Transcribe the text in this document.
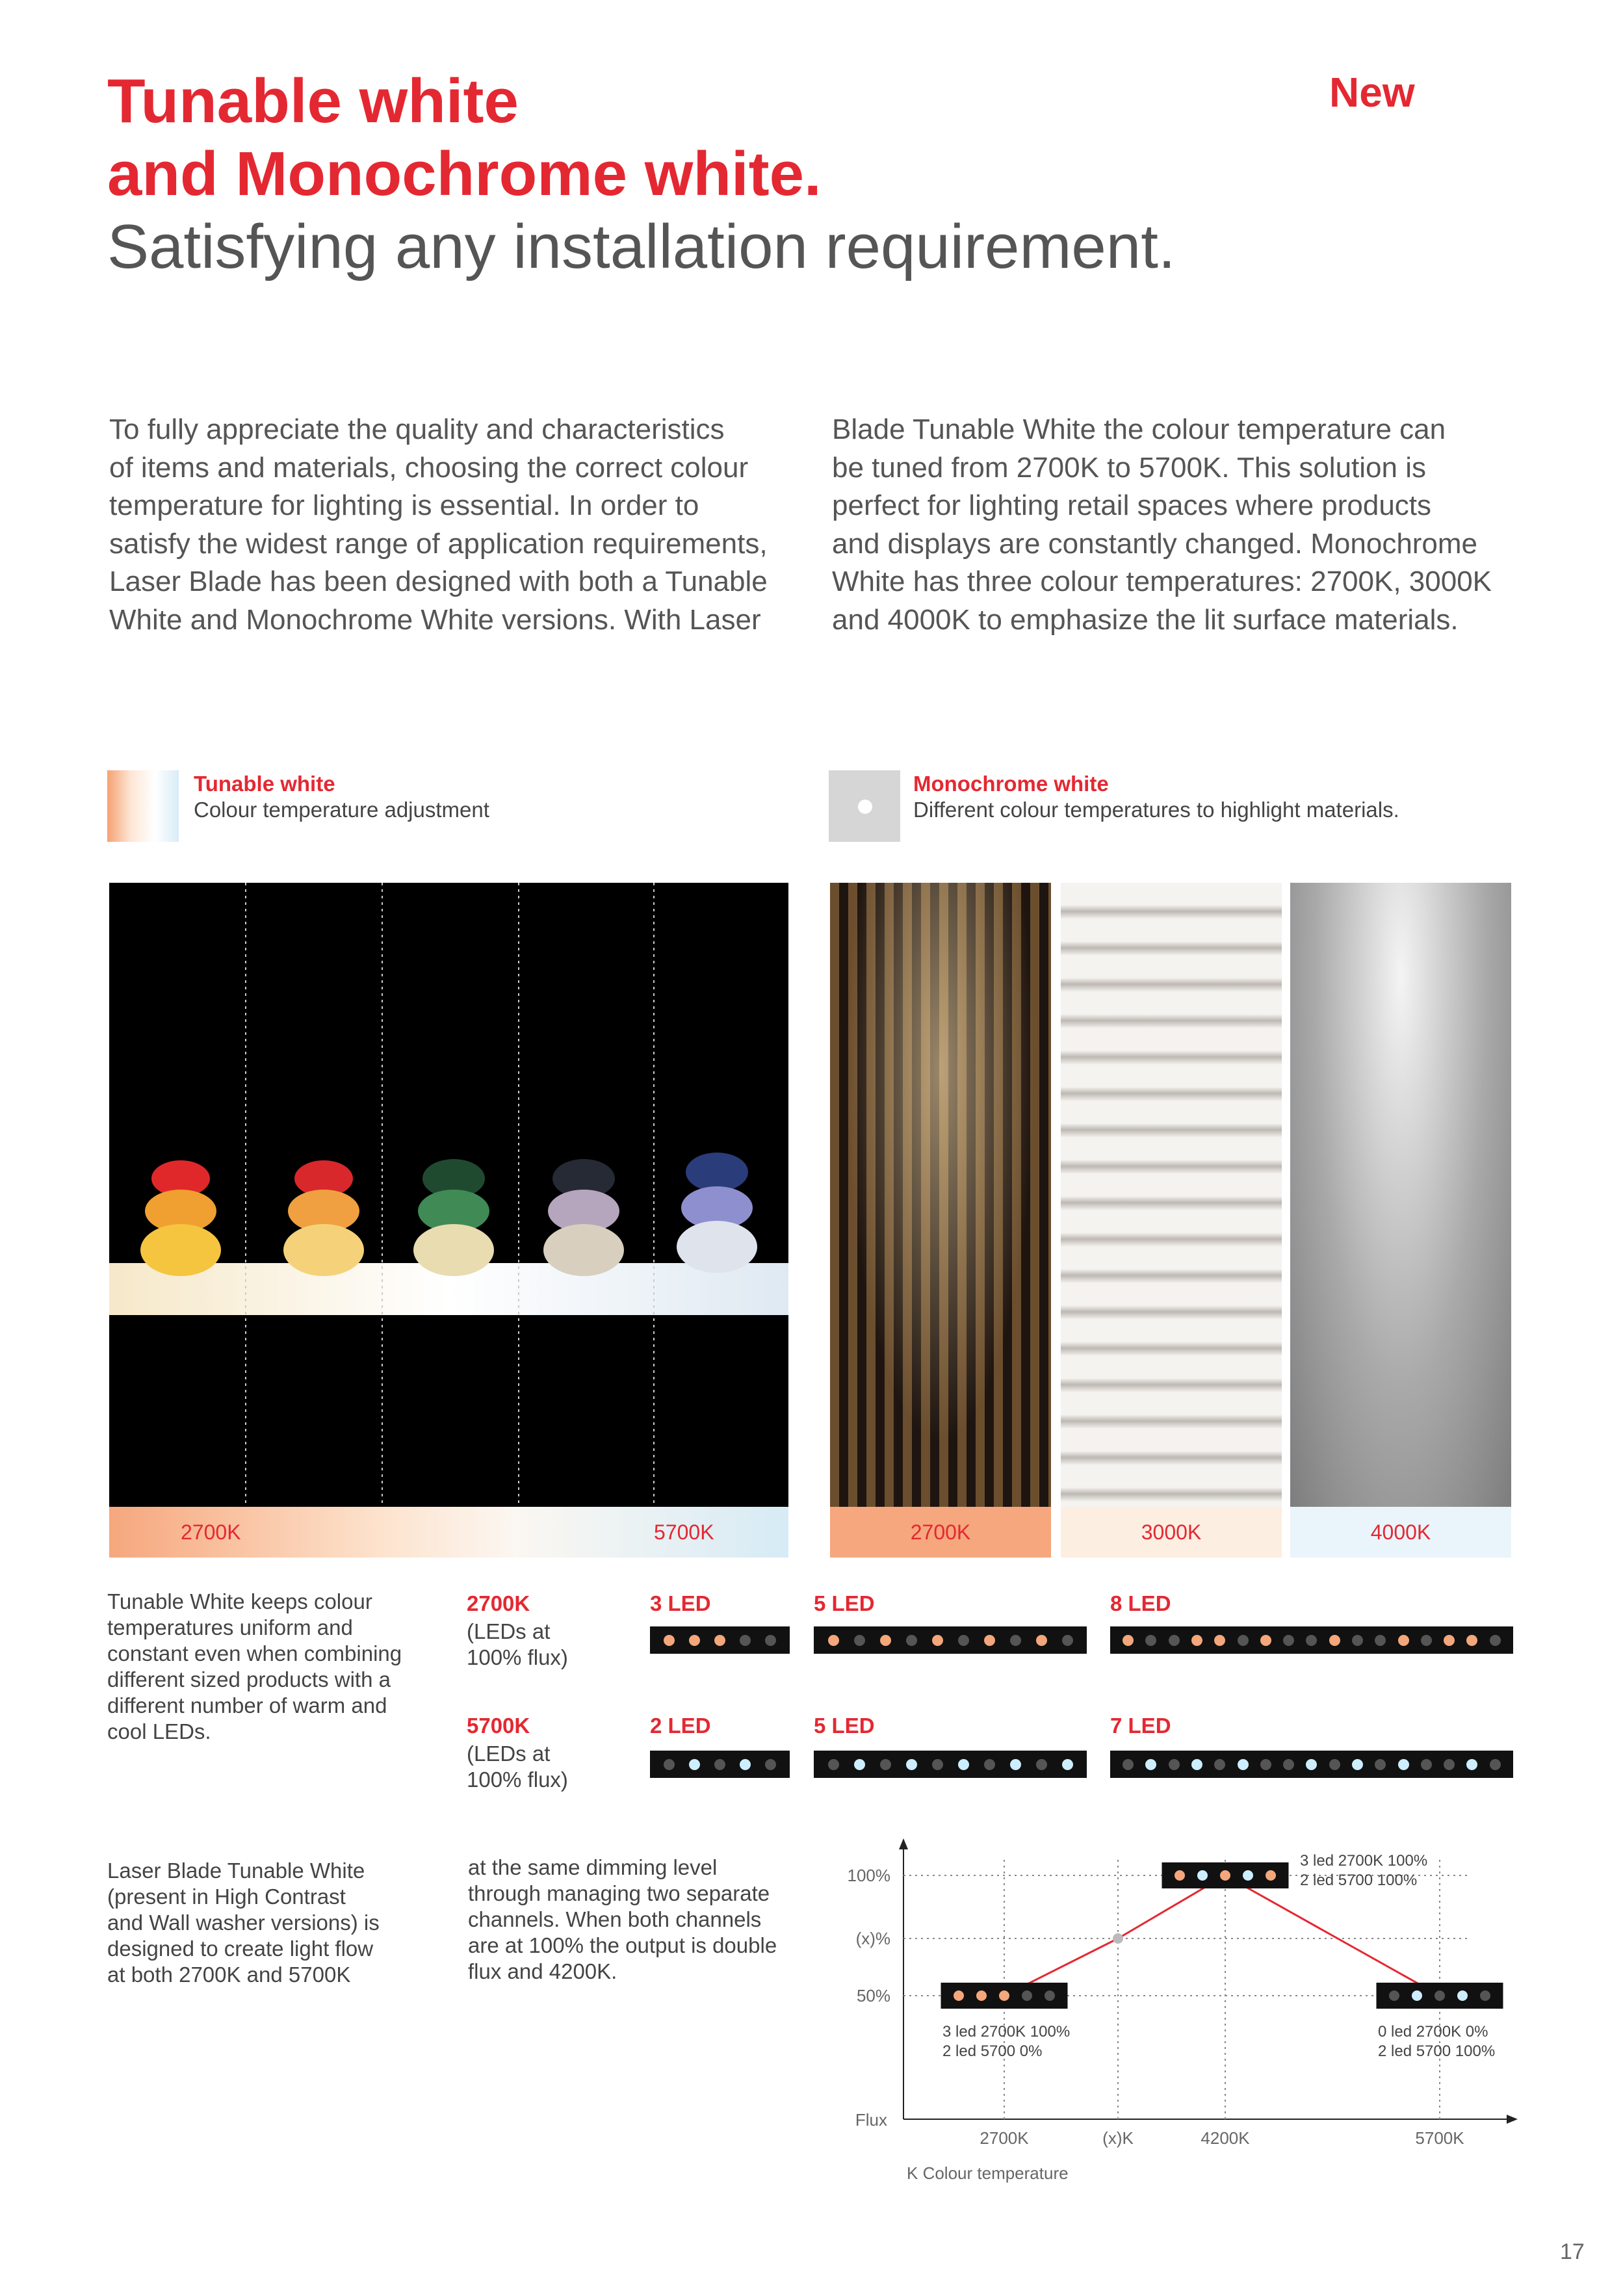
Tunable white
and Monochrome white.
Satisfying any installation requirement.
New
To fully appreciate the quality and characteristics
of items and materials, choosing the correct colour
temperature for lighting is essential. In order to
satisfy the widest range of application requirements,
Laser Blade has been designed with both a Tunable
White and Monochrome White versions. With Laser
Blade Tunable White the colour temperature can
be tuned from 2700K to 5700K. This solution is
perfect for lighting retail spaces where products
and displays are constantly changed. Monochrome
White has three colour temperatures: 2700K, 3000K
and 4000K to emphasize the lit surface materials.
Tunable white
Colour temperature adjustment
Monochrome white
Different colour temperatures to highlight materials.
2700K	5700K	2700K	3000K	4000K
Tunable White keeps colour
temperatures uniform and
constant even when combining
different sized products with a
different number of warm and
cool LEDs.
2700K
(LEDs at
100% flux)
3 LED	5 LED	8 LED
5700K
(LEDs at
100% flux)
2 LED	5 LED	7 LED
Laser Blade Tunable White
(present in High Contrast
and Wall washer versions) is
designed to create light flow
at both 2700K and 5700K
at the same dimming level
through managing two separate
channels. When both channels
are at 100% the output is double
flux and 4200K.
100%
(x)%
50%
2700K	(x)K	4200K	5700K
Flux
K Colour temperature
3 led 2700K 100%
2 led 5700 0%
3 led 2700K 100%
2 led 5700 100%
0 led 2700K 0%
2 led 5700 100%
17
